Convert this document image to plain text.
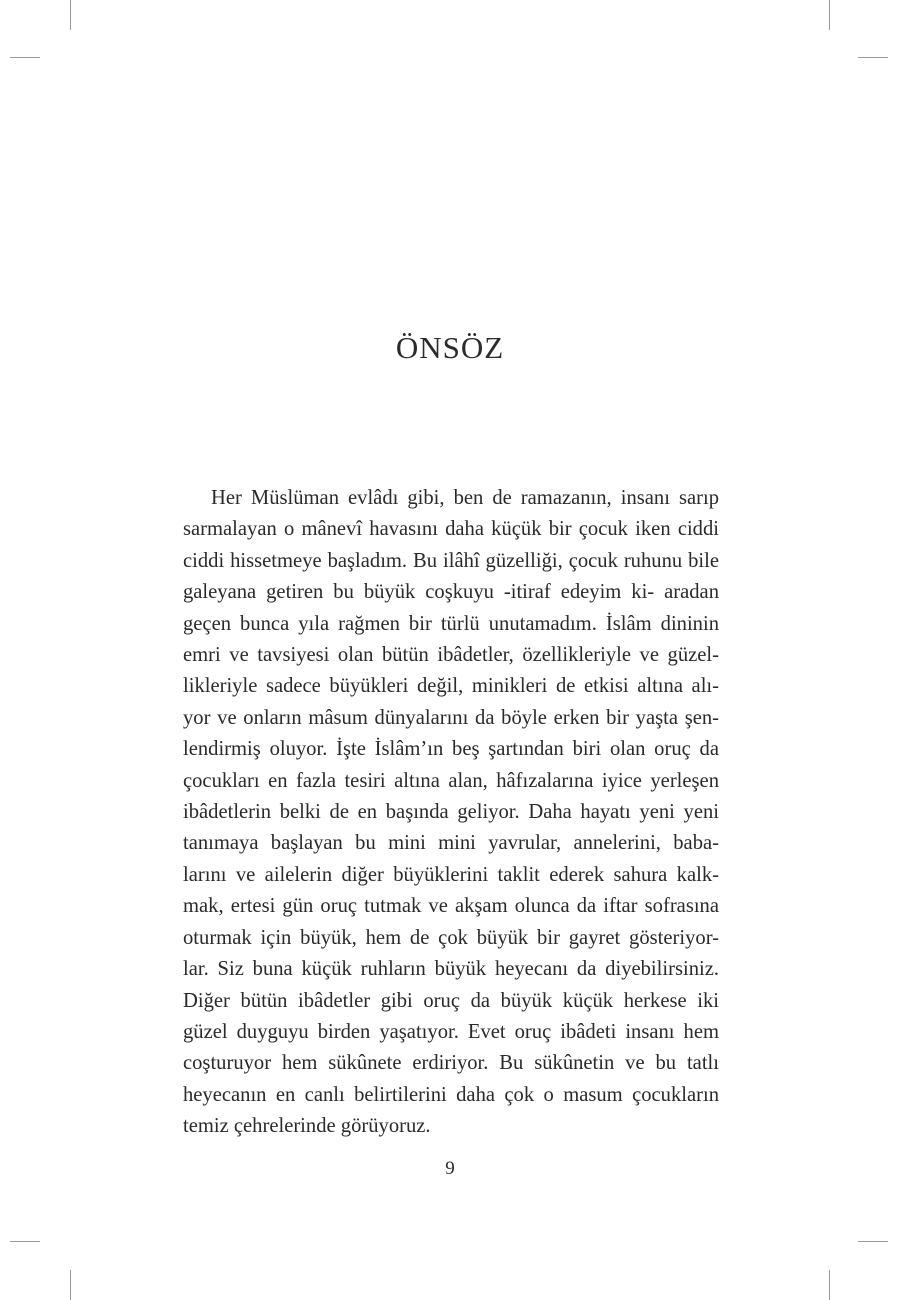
ÖNSÖZ
Her Müslüman evlâdı gibi, ben de ramazanın, insanı sarıp
sarmalayan o mânevî havasını daha küçük bir çocuk iken ciddi
ciddi hissetmeye başladım. Bu ilâhî güzelliği, çocuk ruhunu bile
galeyana getiren bu büyük coşkuyu -itiraf edeyim ki- aradan
geçen bunca yıla rağmen bir türlü unutamadım. İslâm dininin
emri ve tavsiyesi olan bütün ibâdetler, özellikleriyle ve güzel-
likleriyle sadece büyükleri değil, minikleri de etkisi altına alı-
yor ve onların mâsum dünyalarını da böyle erken bir yaşta şen-
lendirmiş oluyor. İşte İslâm’ın beş şartından biri olan oruç da
çocukları en fazla tesiri altına alan, hâfızalarına iyice yerleşen
ibâdetlerin belki de en başında geliyor. Daha hayatı yeni yeni
tanımaya başlayan bu mini mini yavrular, annelerini, baba-
larını ve ailelerin diğer büyüklerini taklit ederek sahura kalk-
mak, ertesi gün oruç tutmak ve akşam olunca da iftar sofrasına
oturmak için büyük, hem de çok büyük bir gayret gösteriyor-
lar. Siz buna küçük ruhların büyük heyecanı da diyebilirsiniz.
Diğer bütün ibâdetler gibi oruç da büyük küçük herkese iki
güzel duyguyu birden yaşatıyor. Evet oruç ibâdeti insanı hem
coşturuyor hem sükûnete erdiriyor. Bu sükûnetin ve bu tatlı
heyecanın en canlı belirtilerini daha çok o masum çocukların
temiz çehrelerinde görüyoruz.
9
